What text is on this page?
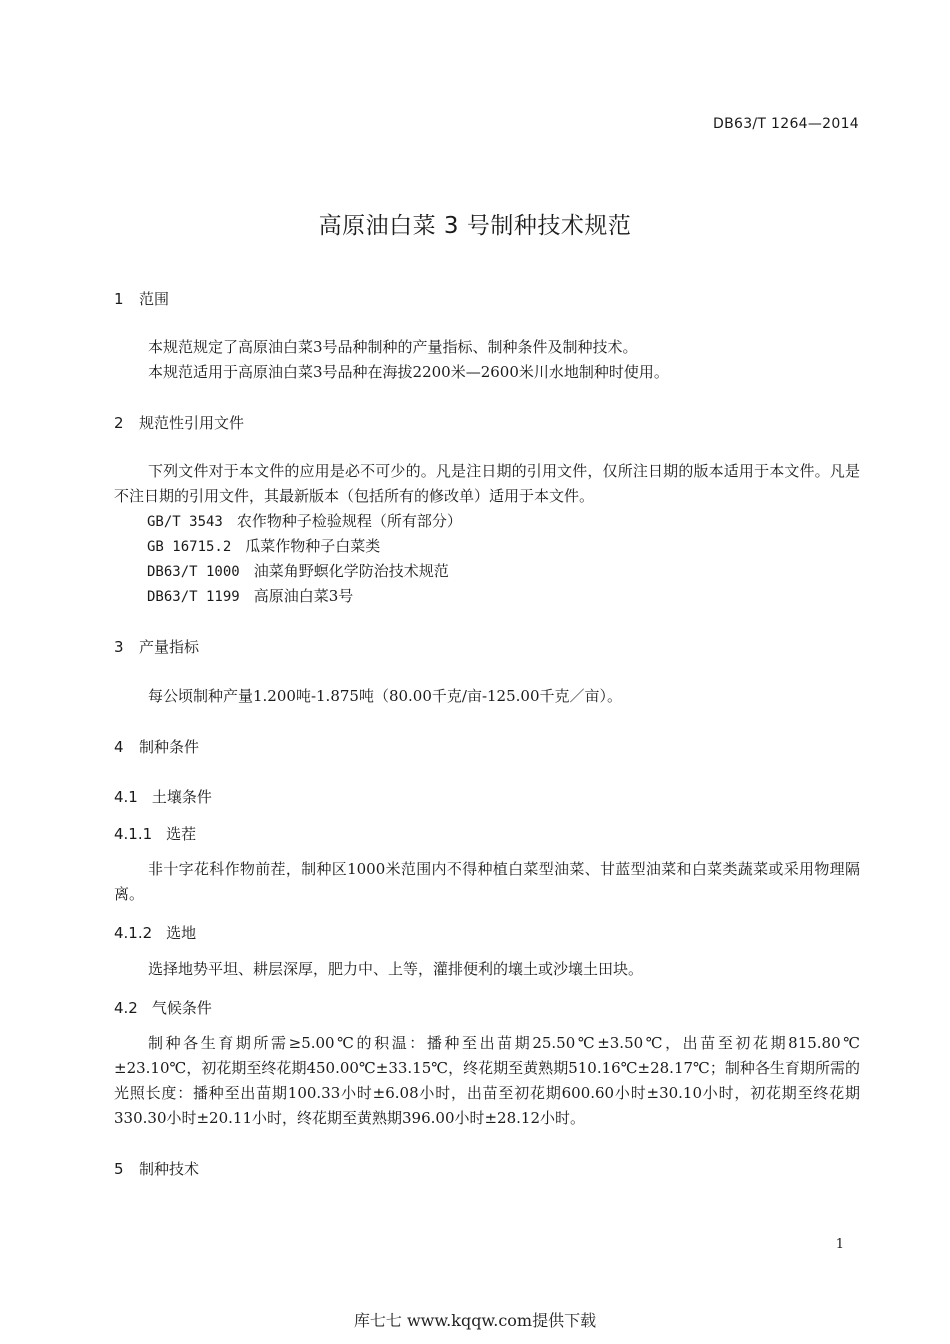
DB63/T 1264—2014
高原油白菜 3 号制种技术规范
1 范围
本规范规定了高原油白菜3号品种制种的产量指标、制种条件及制种技术。
本规范适用于高原油白菜3号品种在海拔2200米—2600米川水地制种时使用。
2 规范性引用文件
下列文件对于本文件的应用是必不可少的。凡是注日期的引用文件，仅所注日期的版本适用于本文件。凡是不注日期的引用文件，其最新版本（包括所有的修改单）适用于本文件。
GB/T 3543 农作物种子检验规程（所有部分）
GB 16715.2 瓜菜作物种子白菜类
DB63/T 1000 油菜角野螟化学防治技术规范
DB63/T 1199 高原油白菜3号
3 产量指标
每公顷制种产量1.200吨-1.875吨（80.00千克/亩-125.00千克／亩）。
4 制种条件
4.1 土壤条件
4.1.1 选茬
非十字花科作物前茬，制种区1000米范围内不得种植白菜型油菜、甘蓝型油菜和白菜类蔬菜或采用物理隔离。
4.1.2 选地
选择地势平坦、耕层深厚，肥力中、上等，灌排便利的壤土或沙壤土田块。
4.2 气候条件
制种各生育期所需≥5.00℃的积温：播种至出苗期25.50℃±3.50℃，出苗至初花期815.80℃±23.10℃，初花期至终花期450.00℃±33.15℃，终花期至黄熟期510.16℃±28.17℃；制种各生育期所需的光照长度：播种至出苗期100.33小时±6.08小时，出苗至初花期600.60小时±30.10小时，初花期至终花期330.30小时±20.11小时，终花期至黄熟期396.00小时±28.12小时。
5 制种技术
1
库七七 www.kqqw.com提供下载
